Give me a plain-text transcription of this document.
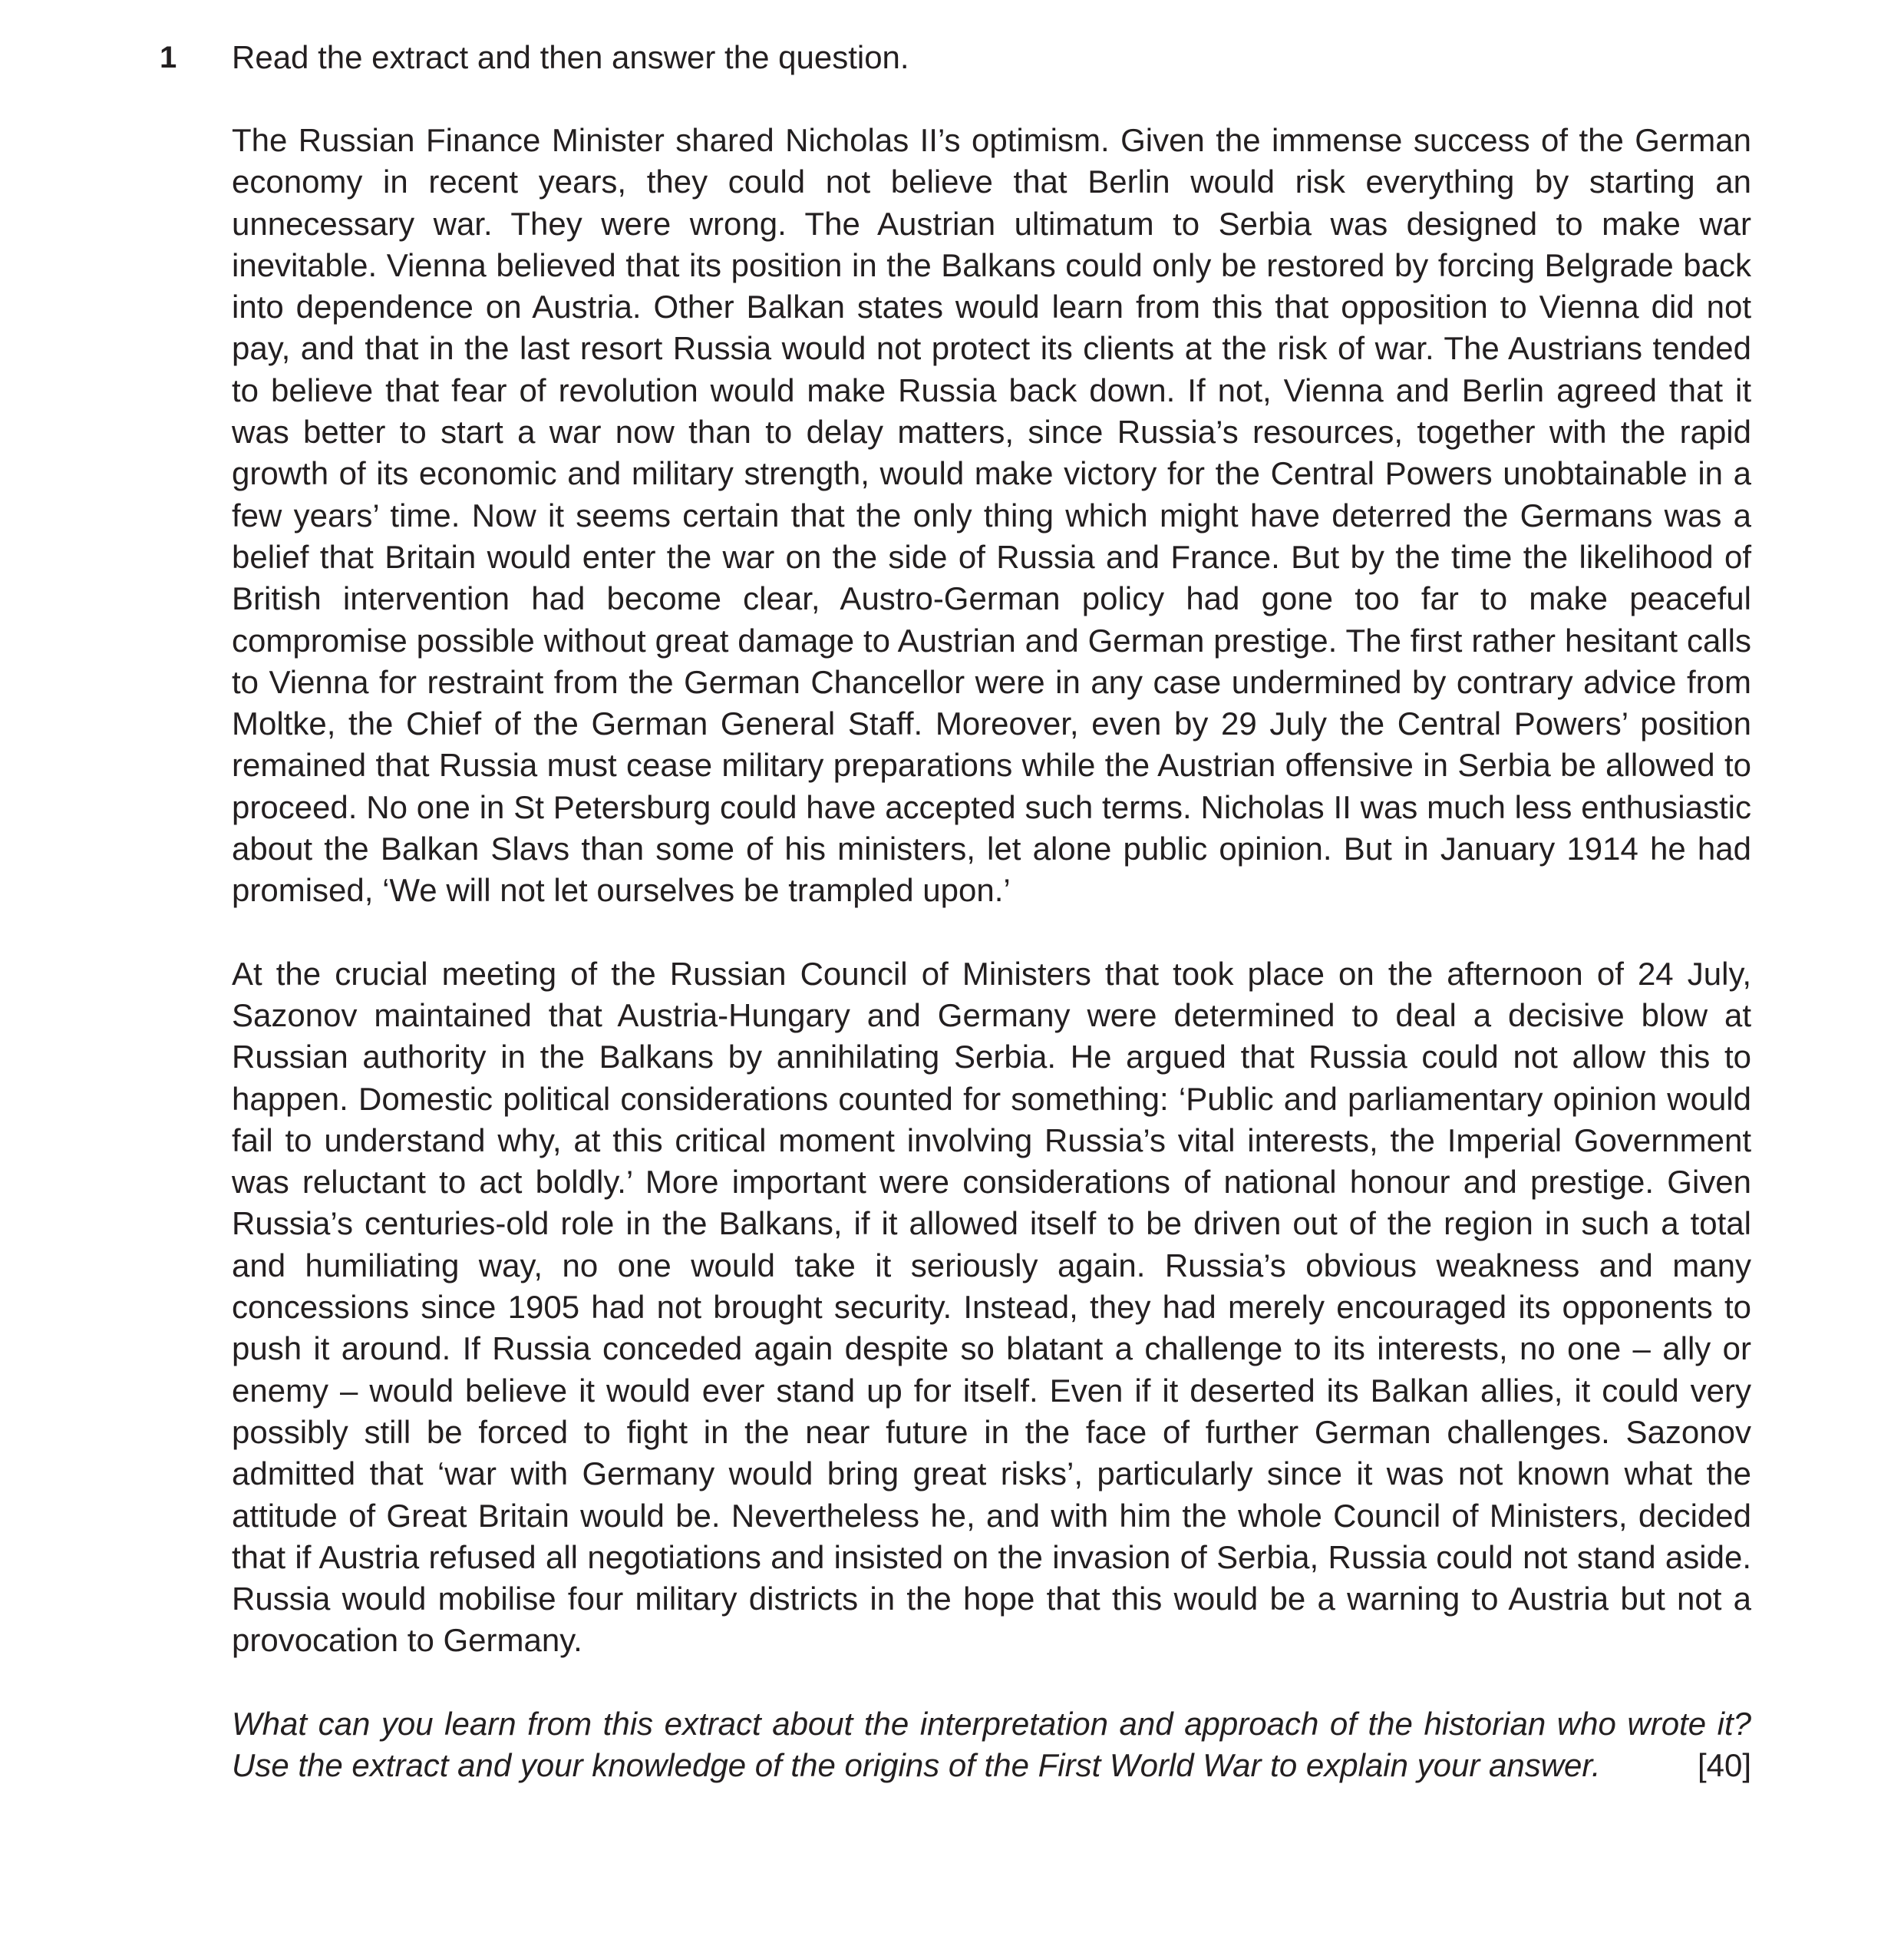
1 Read the extract and then answer the question.

The Russian Finance Minister shared Nicholas II’s optimism. Given the immense success of the German economy in recent years, they could not believe that Berlin would risk everything by starting an unnecessary war. They were wrong. The Austrian ultimatum to Serbia was designed to make war inevitable. Vienna believed that its position in the Balkans could only be restored by forcing Belgrade back into dependence on Austria. Other Balkan states would learn from this that opposition to Vienna did not pay, and that in the last resort Russia would not protect its clients at the risk of war. The Austrians tended to believe that fear of revolution would make Russia back down. If not, Vienna and Berlin agreed that it was better to start a war now than to delay matters, since Russia’s resources, together with the rapid growth of its economic and military strength, would make victory for the Central Powers unobtainable in a few years’ time. Now it seems certain that the only thing which might have deterred the Germans was a belief that Britain would enter the war on the side of Russia and France. But by the time the likelihood of British intervention had become clear, Austro-German policy had gone too far to make peaceful compromise possible without great damage to Austrian and German prestige. The first rather hesitant calls to Vienna for restraint from the German Chancellor were in any case undermined by contrary advice from Moltke, the Chief of the German General Staff. Moreover, even by 29 July the Central Powers’ position remained that Russia must cease military preparations while the Austrian offensive in Serbia be allowed to proceed. No one in St Petersburg could have accepted such terms. Nicholas II was much less enthusiastic about the Balkan Slavs than some of his ministers, let alone public opinion. But in January 1914 he had promised, ‘We will not let ourselves be trampled upon.’

At the crucial meeting of the Russian Council of Ministers that took place on the afternoon of 24 July, Sazonov maintained that Austria-Hungary and Germany were determined to deal a decisive blow at Russian authority in the Balkans by annihilating Serbia. He argued that Russia could not allow this to happen. Domestic political considerations counted for something: ‘Public and parliamentary opinion would fail to understand why, at this critical moment involving Russia’s vital interests, the Imperial Government was reluctant to act boldly.’ More important were considerations of national honour and prestige. Given Russia’s centuries-old role in the Balkans, if it allowed itself to be driven out of the region in such a total and humiliating way, no one would take it seriously again. Russia’s obvious weakness and many concessions since 1905 had not brought security. Instead, they had merely encouraged its opponents to push it around. If Russia conceded again despite so blatant a challenge to its interests, no one – ally or enemy – would believe it would ever stand up for itself. Even if it deserted its Balkan allies, it could very possibly still be forced to fight in the near future in the face of further German challenges. Sazonov admitted that ‘war with Germany would bring great risks’, particularly since it was not known what the attitude of Great Britain would be. Nevertheless he, and with him the whole Council of Ministers, decided that if Austria refused all negotiations and insisted on the invasion of Serbia, Russia could not stand aside. Russia would mobilise four military districts in the hope that this would be a warning to Austria but not a provocation to Germany.

What can you learn from this extract about the interpretation and approach of the historian who wrote it? Use the extract and your knowledge of the origins of the First World War to explain your answer.	[40]
